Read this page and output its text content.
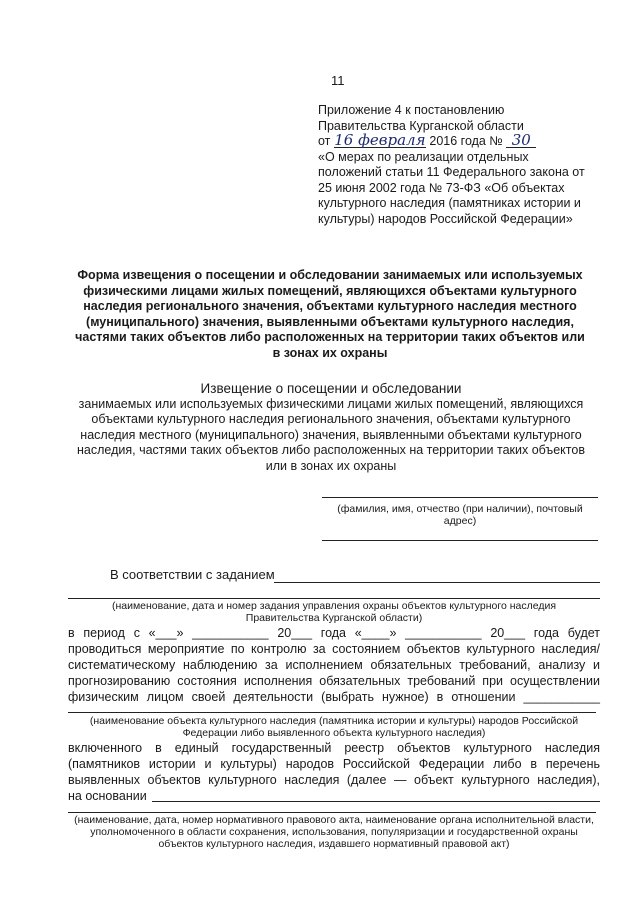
11
Приложение 4 к постановлению
Правительства Курганской области
от 16 февраля 2016 года № 30
«О мерах по реализации отдельных
положений статьи 11 Федерального закона от
25 июня 2002 года № 73-ФЗ «Об объектах
культурного наследия (памятниках истории и
культуры) народов Российской Федерации»
Форма извещения о посещении и обследовании занимаемых или используемых
физическими лицами жилых помещений, являющихся объектами культурного
наследия регионального значения, объектами культурного наследия местного
(муниципального) значения, выявленными объектами культурного наследия,
частями таких объектов либо расположенных на территории таких объектов или
в зонах их охраны
Извещение о посещении и обследовании
занимаемых или используемых физическими лицами жилых помещений, являющихся
объектами культурного наследия регионального значения, объектами культурного
наследия местного (муниципального) значения, выявленными объектами культурного
наследия, частями таких объектов либо расположенных на территории таких объектов
или в зонах их охраны
(фамилия, имя, отчество (при наличии), почтовый
адрес)
В соответствии с заданием
(наименование, дата и номер задания управления охраны объектов культурного наследия
Правительства Курганской области)
в период с «___» ___________ 20___ года «____» ___________ 20___ года будет
проводиться мероприятие по контролю за состоянием объектов культурного наследия/
систематическому наблюдению за исполнением обязательных требований, анализу и
прогнозированию состояния исполнения обязательных требований при осуществлении
физическим лицом своей деятельности (выбрать нужное) в отношении ___________
(наименование объекта культурного наследия (памятника истории и культуры) народов Российской
Федерации либо выявленного объекта культурного наследия)
включенного в единый государственный реестр объектов культурного наследия
(памятников истории и культуры) народов Российской Федерации либо в перечень
выявленных объектов культурного наследия (далее — объект культурного наследия),
на основании
(наименование, дата, номер нормативного правового акта, наименование органа исполнительной власти,
уполномоченного в области сохранения, использования, популяризации и государственной охраны
объектов культурного наследия, издавшего нормативный правовой акт)
